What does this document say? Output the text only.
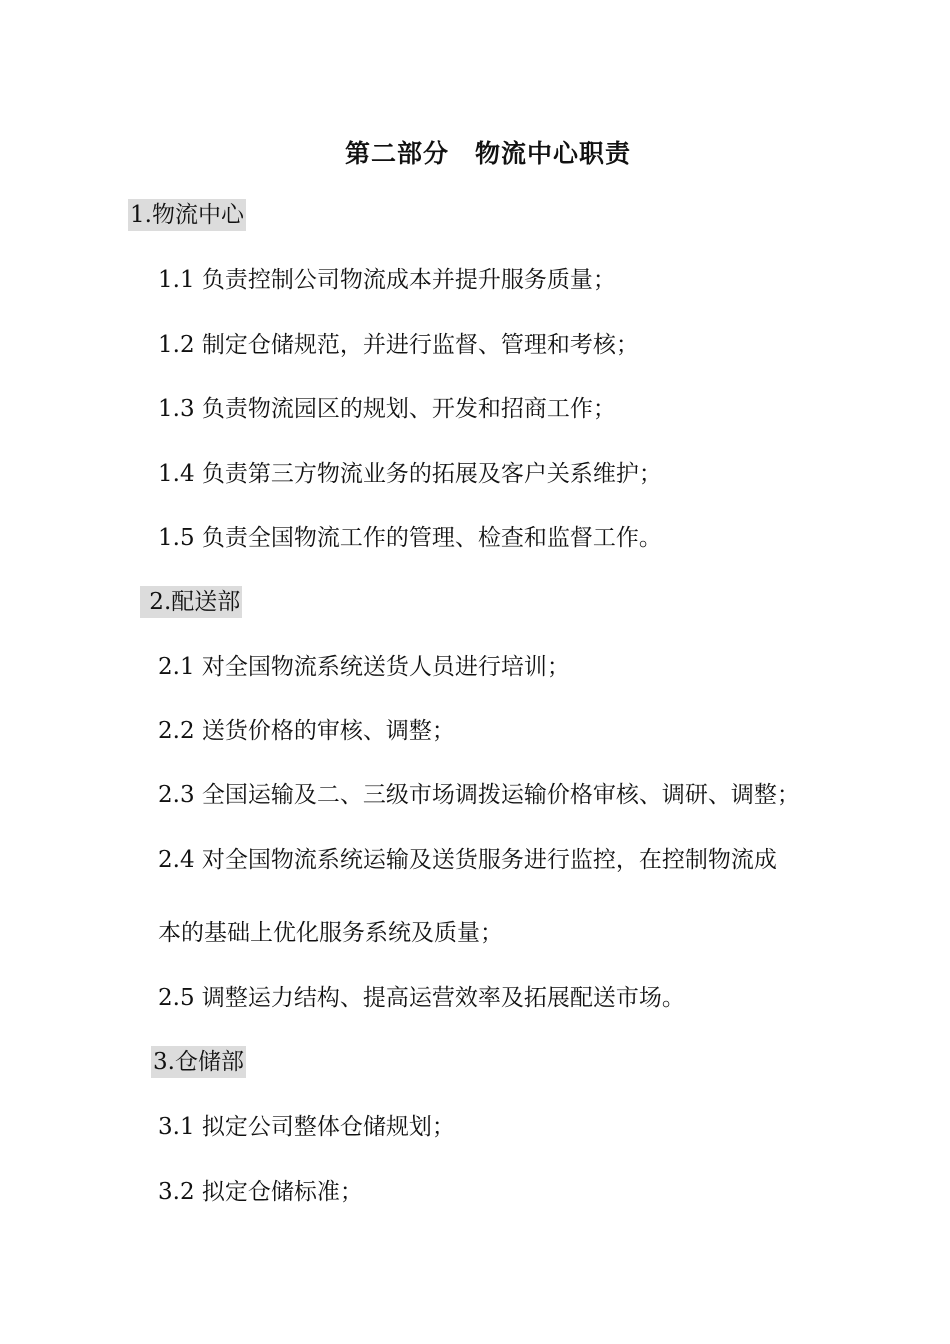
第二部分　物流中心职责
1.物流中心
1.1 负责控制公司物流成本并提升服务质量；
1.2 制定仓储规范，并进行监督、管理和考核；
1.3 负责物流园区的规划、开发和招商工作；
1.4 负责第三方物流业务的拓展及客户关系维护；
1.5 负责全国物流工作的管理、检查和监督工作。
2.配送部
2.1 对全国物流系统送货人员进行培训；
2.2 送货价格的审核、调整；
2.3 全国运输及二、三级市场调拨运输价格审核、调研、调整；
2.4 对全国物流系统运输及送货服务进行监控，在控制物流成
本的基础上优化服务系统及质量；
2.5 调整运力结构、提高运营效率及拓展配送市场。
3.仓储部
3.1 拟定公司整体仓储规划；
3.2 拟定仓储标准；
